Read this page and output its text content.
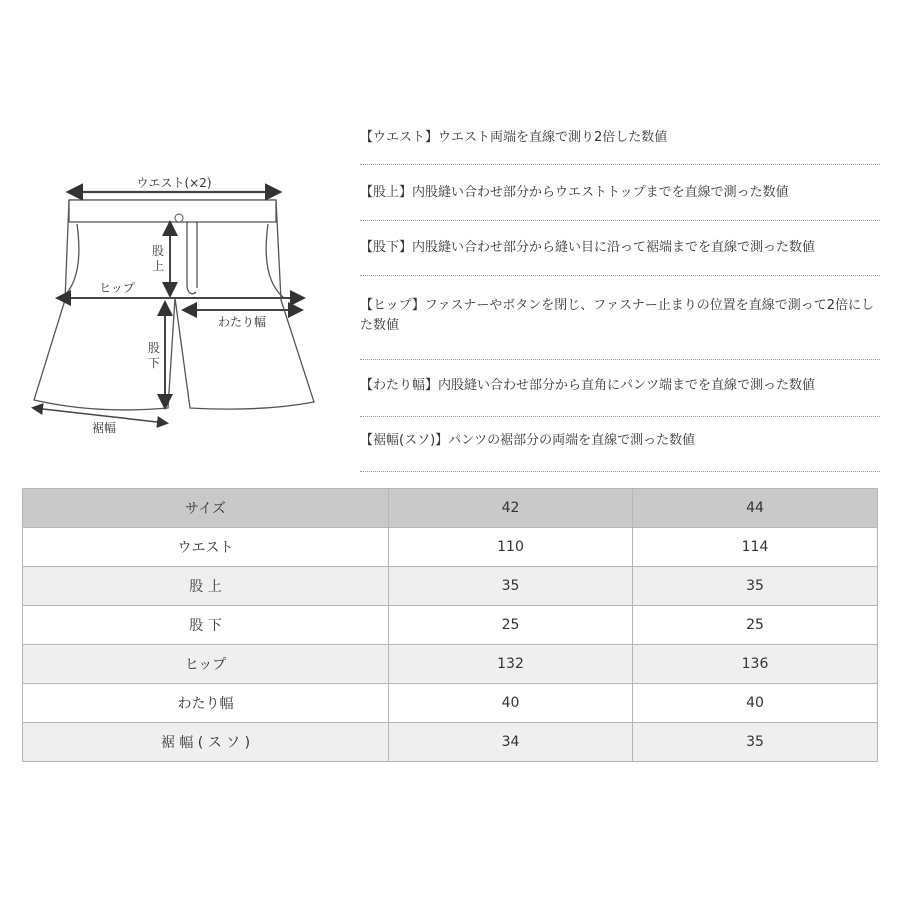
ウエスト(×2)
股
上
ヒップ
わたり幅
股
下
裾幅
【ウエスト】ウエスト両端を直線で測り2倍した数値
【股上】内股縫い合わせ部分からウエストトップまでを直線で測った数値
【股下】内股縫い合わせ部分から縫い目に沿って裾端までを直線で測った数値
【ヒップ】ファスナーやボタンを閉じ、ファスナー止まりの位置を直線で測って2倍にした数値
【わたり幅】内股縫い合わせ部分から直角にパンツ端までを直線で測った数値
【裾幅(スソ)】パンツの裾部分の両端を直線で測った数値
サイズ	42	44
ウエスト	110	114
股 上	35	35
股 下	25	25
ヒップ	132	136
わたり幅	40	40
裾 幅 ( ス ソ )	34	35
